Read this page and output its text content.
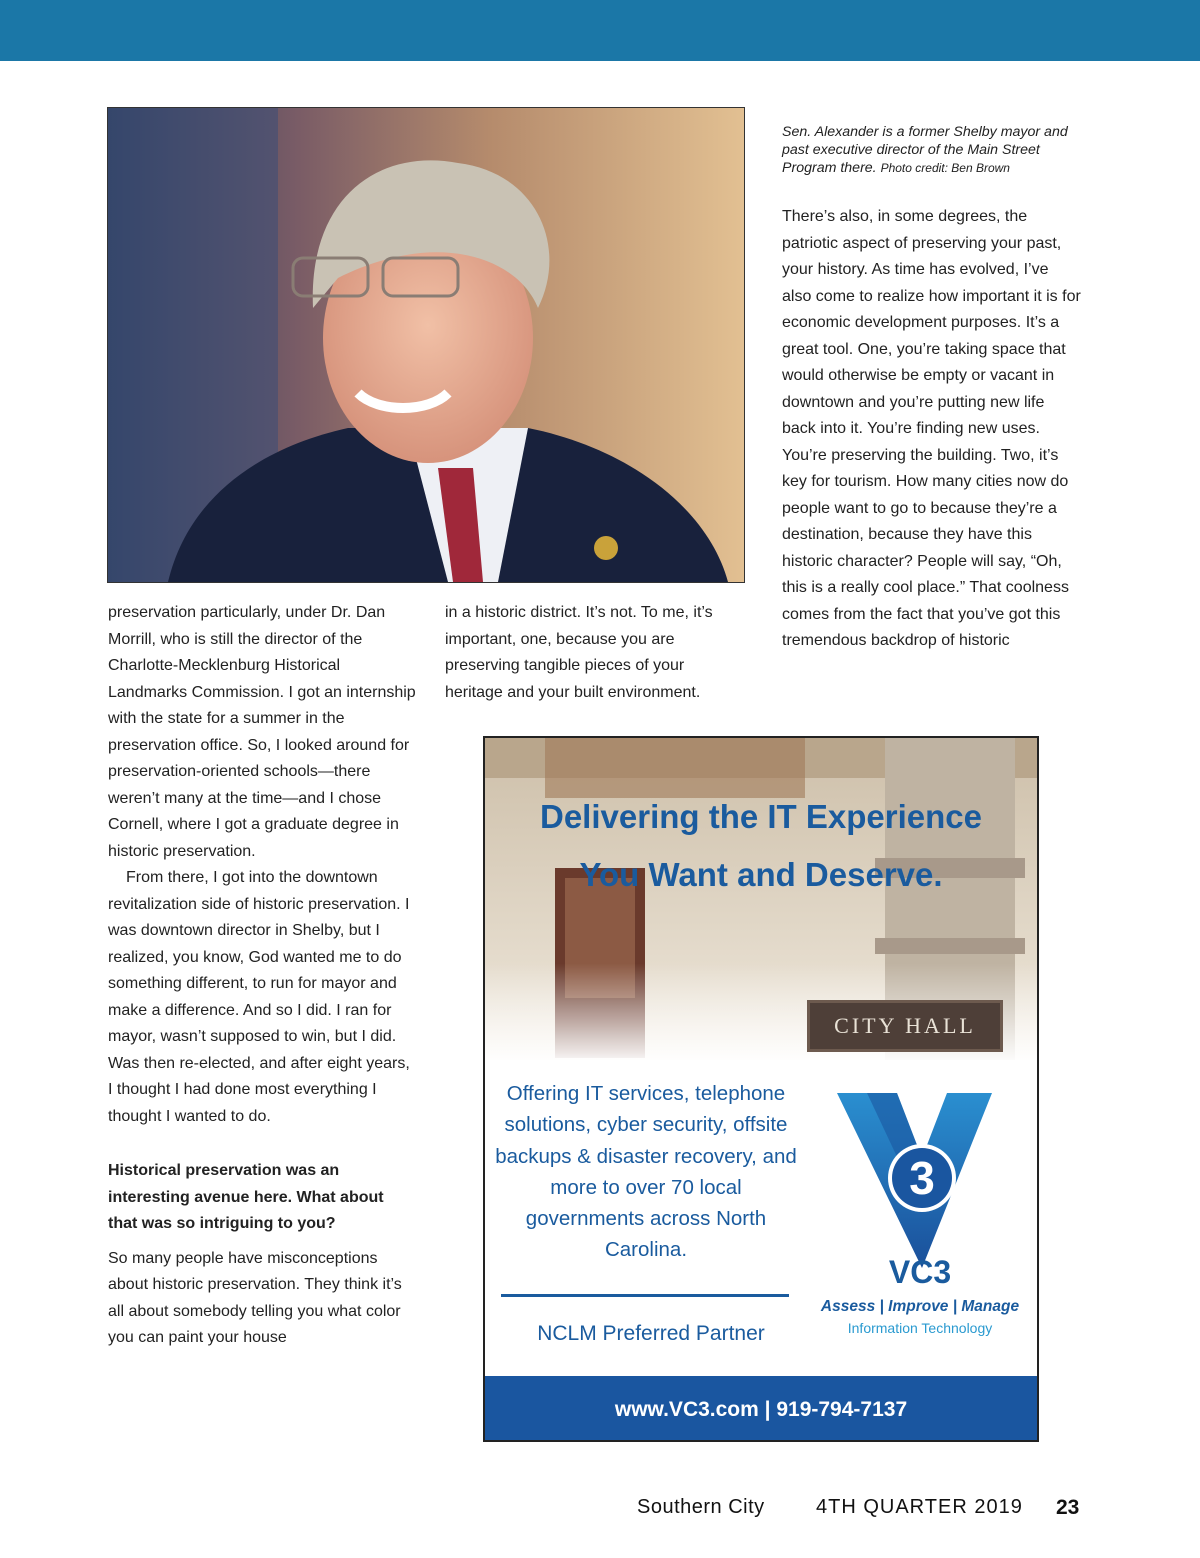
Sen. Alexander is a former Shelby mayor and past executive director of the Main Street Program there. Photo credit: Ben Brown

There’s also, in some degrees, the patriotic aspect of preserving your past, your history. As time has evolved, I’ve also come to realize how important it is for economic development purposes. It’s a great tool. One, you’re taking space that would otherwise be empty or vacant in downtown and you’re putting new life back into it. You’re finding new uses. You’re preserving the building. Two, it’s key for tourism. How many cities now do people want to go to because they’re a destination, because they have this historic character? People will say, “Oh, this is a really cool place.” That coolness comes from the fact that you’ve got this tremendous backdrop of historic

preservation particularly, under Dr. Dan Morrill, who is still the director of the Charlotte-Mecklenburg Historical Landmarks Commission. I got an internship with the state for a summer in the preservation office. So, I looked around for preservation-oriented schools—there weren’t many at the time—and I chose Cornell, where I got a graduate degree in historic preservation.

From there, I got into the downtown revitalization side of historic preservation. I was downtown director in Shelby, but I realized, you know, God wanted me to do something different, to run for mayor and make a difference. And so I did. I ran for mayor, wasn’t supposed to win, but I did. Was then re-elected, and after eight years, I thought I had done most everything I thought I wanted to do.

Historical preservation was an interesting avenue here. What about that was so intriguing to you?

So many people have misconceptions about historic preservation. They think it’s all about somebody telling you what color you can paint your house

in a historic district. It’s not. To me, it’s important, one, because you are preserving tangible pieces of your heritage and your built environment.

Delivering the IT Experience
You Want and Deserve.
CITY HALL
Offering IT services, telephone solutions, cyber security, offsite backups & disaster recovery, and more to over 70 local governments across North Carolina.
NCLM Preferred Partner
3
VC3
Assess | Improve | Manage
Information Technology
www.VC3.com | 919-794-7137
Southern City	4TH QUARTER 2019 23
